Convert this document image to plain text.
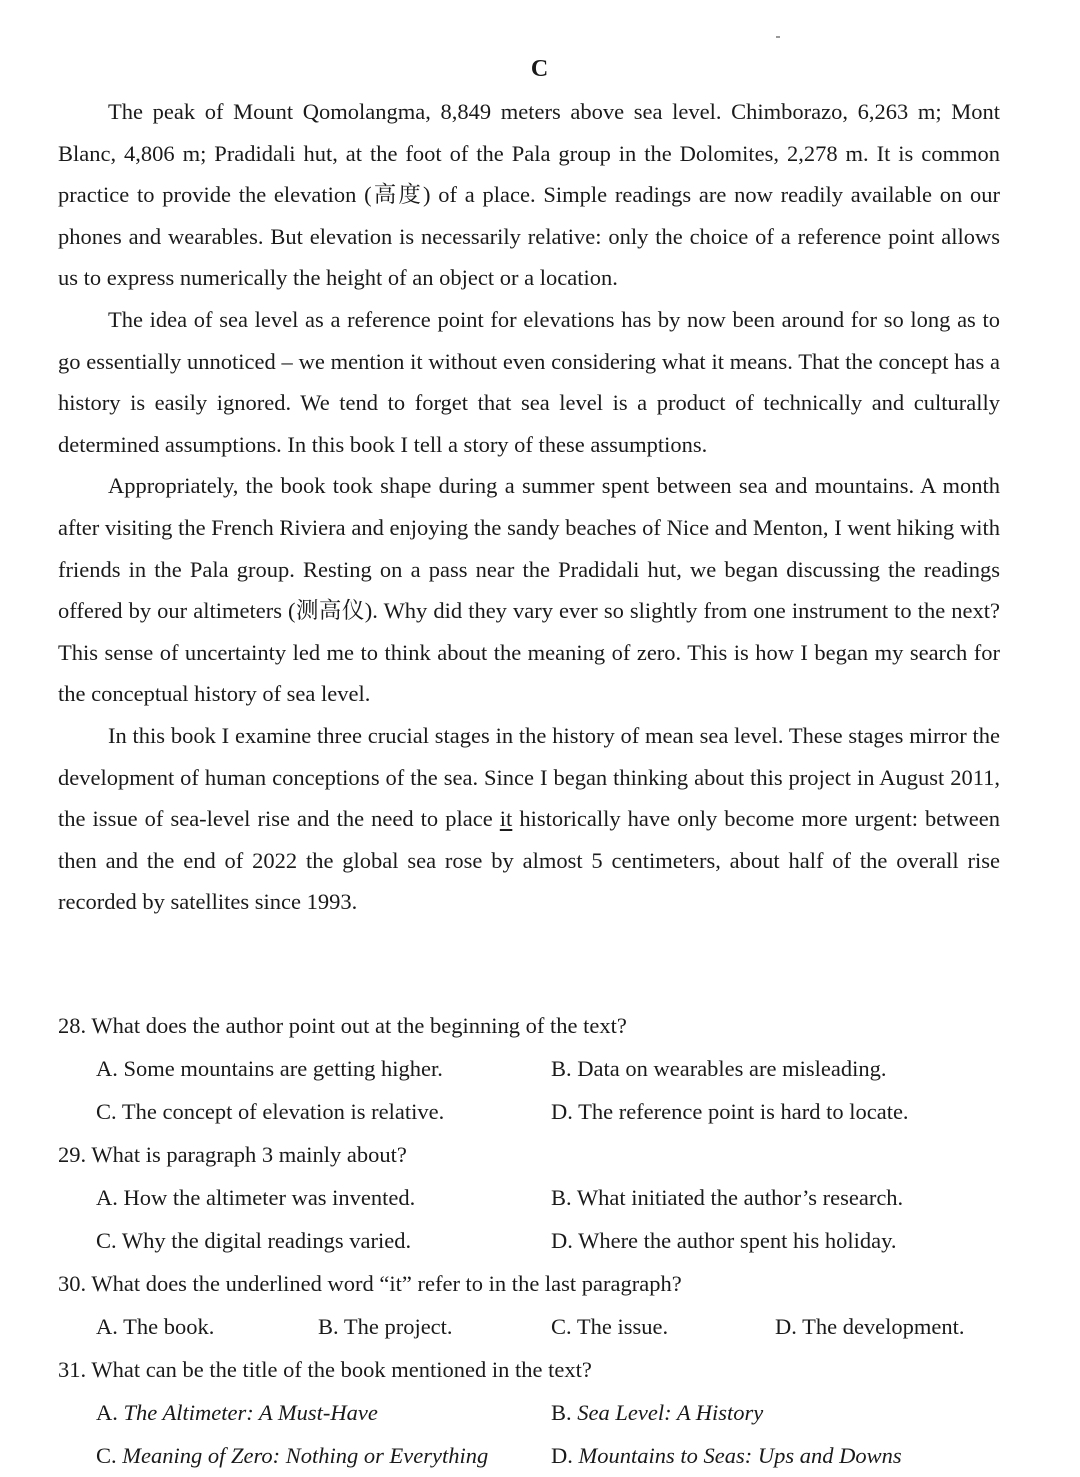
C

The peak of Mount Qomolangma, 8,849 meters above sea level. Chimborazo, 6,263 m; Mont Blanc, 4,806 m; Pradidali hut, at the foot of the Pala group in the Dolomites, 2,278 m. It is common practice to provide the elevation (高度) of a place. Simple readings are now readily available on our phones and wearables. But elevation is necessarily relative: only the choice of a reference point allows us to express numerically the height of an object or a location.

The idea of sea level as a reference point for elevations has by now been around for so long as to go essentially unnoticed – we mention it without even considering what it means. That the concept has a history is easily ignored. We tend to forget that sea level is a product of technically and culturally determined assumptions. In this book I tell a story of these assumptions.

Appropriately, the book took shape during a summer spent between sea and mountains. A month after visiting the French Riviera and enjoying the sandy beaches of Nice and Menton, I went hiking with friends in the Pala group. Resting on a pass near the Pradidali hut, we began discussing the readings offered by our altimeters (测高仪). Why did they vary ever so slightly from one instrument to the next? This sense of uncertainty led me to think about the meaning of zero. This is how I began my search for the conceptual history of sea level.

In this book I examine three crucial stages in the history of mean sea level. These stages mirror the development of human conceptions of the sea. Since I began thinking about this project in August 2011, the issue of sea-level rise and the need to place it historically have only become more urgent: between then and the end of 2022 the global sea rose by almost 5 centimeters, about half of the overall rise recorded by satellites since 1993.

28. What does the author point out at the beginning of the text?
A. Some mountains are getting higher.	B. Data on wearables are misleading.
C. The concept of elevation is relative.	D. The reference point is hard to locate.
29. What is paragraph 3 mainly about?
A. How the altimeter was invented.	B. What initiated the author’s research.
C. Why the digital readings varied.	D. Where the author spent his holiday.
30. What does the underlined word “it” refer to in the last paragraph?
A. The book.	B. The project.	C. The issue.	D. The development.
31. What can be the title of the book mentioned in the text?
A. The Altimeter: A Must-Have	B. Sea Level: A History
C. Meaning of Zero: Nothing or Everything	D. Mountains to Seas: Ups and Downs
